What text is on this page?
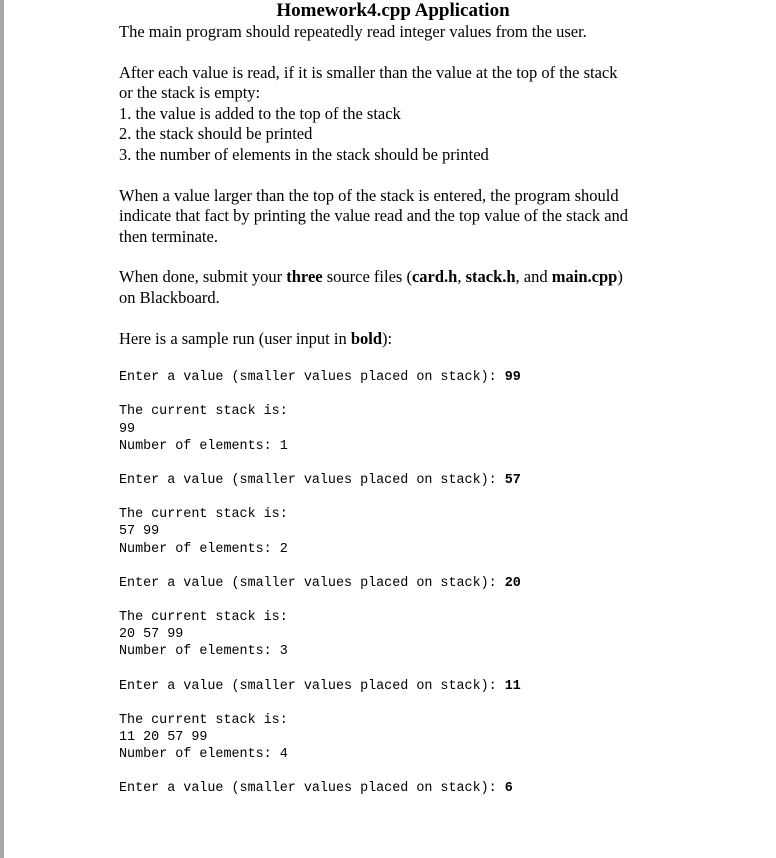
Homework4.cpp Application

The main program should repeatedly read integer values from the user.

After each value is read, if it is smaller than the value at the top of the stack

or the stack is empty:

1. the value is added to the top of the stack

2. the stack should be printed

3. the number of elements in the stack should be printed

When a value larger than the top of the stack is entered, the program should

indicate that fact by printing the value read and the top value of the stack and

then terminate.

When done, submit your three source files (card.h, stack.h, and main.cpp)

on Blackboard.

Here is a sample run (user input in bold):

Enter a value (smaller values placed on stack): 99

The current stack is:

99

Number of elements: 1

Enter a value (smaller values placed on stack): 57

The current stack is:

57 99

Number of elements: 2

Enter a value (smaller values placed on stack): 20

The current stack is:

20 57 99

Number of elements: 3

Enter a value (smaller values placed on stack): 11

The current stack is:

11 20 57 99

Number of elements: 4

Enter a value (smaller values placed on stack): 6
